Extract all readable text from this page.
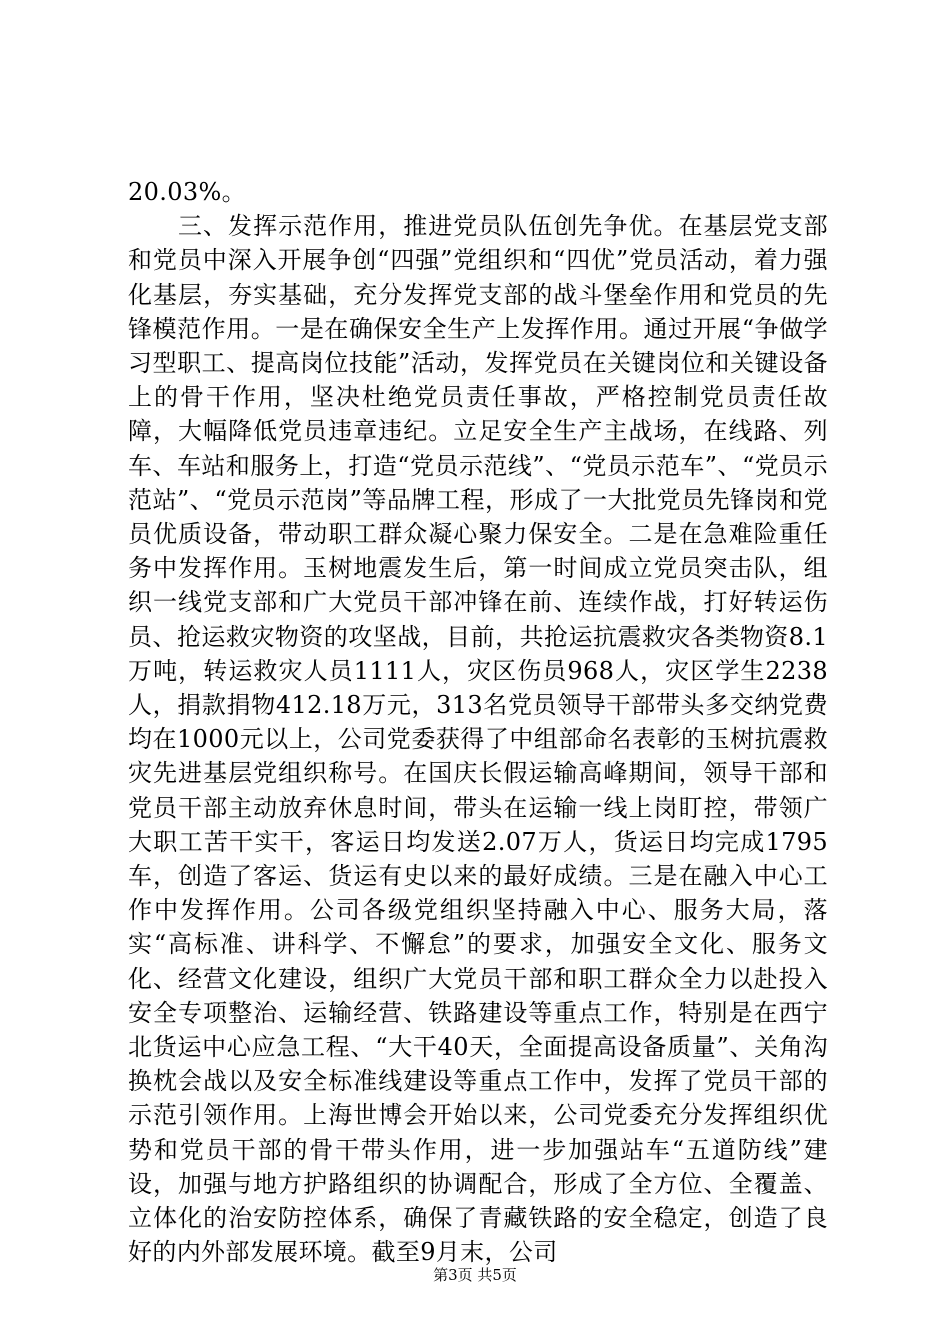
20.03%。

三、发挥示范作用，推进党员队伍创先争优。在基层党支部和党员中深入开展争创“四强”党组织和“四优”党员活动，着力强化基层，夯实基础，充分发挥党支部的战斗堡垒作用和党员的先锋模范作用。一是在确保安全生产上发挥作用。通过开展“争做学习型职工、提高岗位技能”活动，发挥党员在关键岗位和关键设备上的骨干作用，坚决杜绝党员责任事故，严格控制党员责任故障，大幅降低党员违章违纪。立足安全生产主战场，在线路、列车、车站和服务上，打造“党员示范线”、“党员示范车”、“党员示范站”、“党员示范岗”等品牌工程，形成了一大批党员先锋岗和党员优质设备，带动职工群众凝心聚力保安全。二是在急难险重任务中发挥作用。玉树地震发生后，第一时间成立党员突击队，组织一线党支部和广大党员干部冲锋在前、连续作战，打好转运伤员、抢运救灾物资的攻坚战，目前，共抢运抗震救灾各类物资8.1万吨，转运救灾人员1111人，灾区伤员968人，灾区学生2238人，捐款捐物412.18万元，313名党员领导干部带头多交纳党费均在1000元以上，公司党委获得了中组部命名表彰的玉树抗震救灾先进基层党组织称号。在国庆长假运输高峰期间，领导干部和党员干部主动放弃休息时间，带头在运输一线上岗盯控，带领广大职工苦干实干，客运日均发送2.07万人，货运日均完成1795车，创造了客运、货运有史以来的最好成绩。三是在融入中心工作中发挥作用。公司各级党组织坚持融入中心、服务大局，落实“高标准、讲科学、不懈怠”的要求，加强安全文化、服务文化、经营文化建设，组织广大党员干部和职工群众全力以赴投入安全专项整治、运输经营、铁路建设等重点工作，特别是在西宁北货运中心应急工程、“大干40天，全面提高设备质量”、关角沟换枕会战以及安全标准线建设等重点工作中，发挥了党员干部的示范引领作用。上海世博会开始以来，公司党委充分发挥组织优势和党员干部的骨干带头作用，进一步加强站车“五道防线”建设，加强与地方护路组织的协调配合，形成了全方位、全覆盖、立体化的治安防控体系，确保了青藏铁路的安全稳定，创造了良好的内外部发展环境。截至9月末，公司

第3页 共5页
